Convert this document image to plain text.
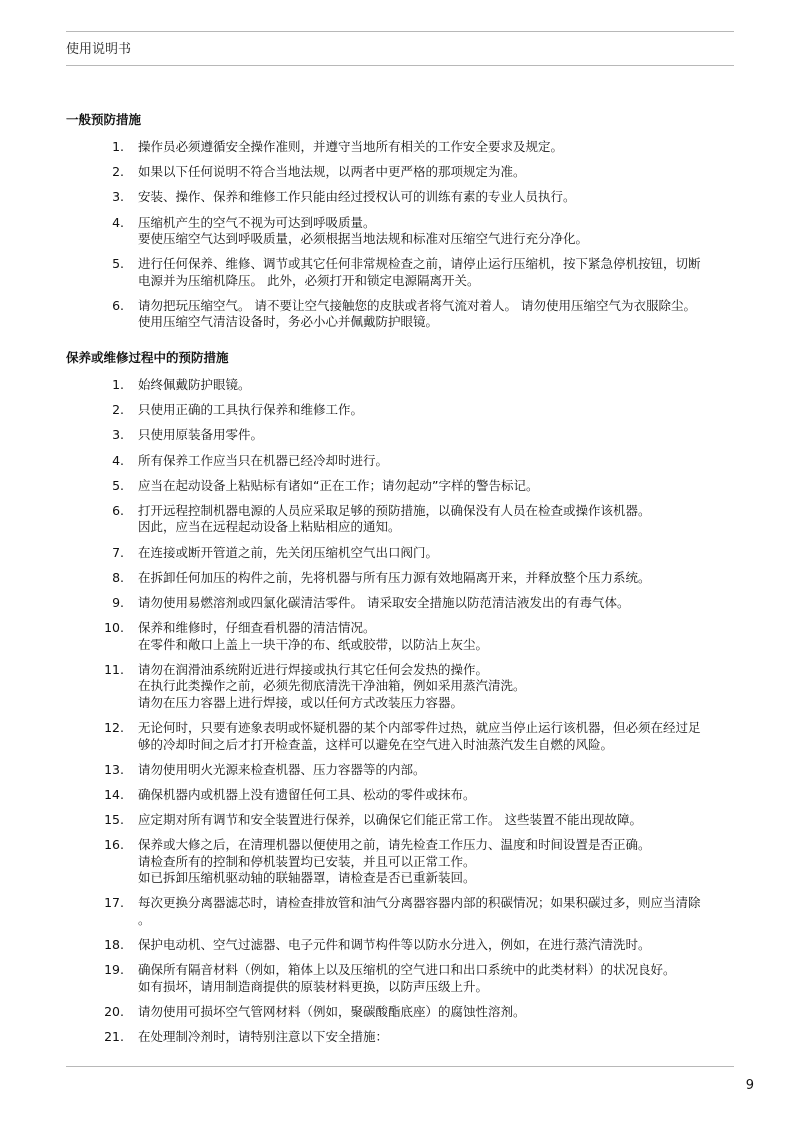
使用说明书
一般预防措施
1.	操作员必须遵循安全操作准则，并遵守当地所有相关的工作安全要求及规定。
2.	如果以下任何说明不符合当地法规，以两者中更严格的那项规定为准。
3.	安装、操作、保养和维修工作只能由经过授权认可的训练有素的专业人员执行。
4.	压缩机产生的空气不视为可达到呼吸质量。
要使压缩空气达到呼吸质量，必须根据当地法规和标准对压缩空气进行充分净化。
5.	进行任何保养、维修、调节或其它任何非常规检查之前，请停止运行压缩机，按下紧急停机按钮，切断
电源并为压缩机降压。 此外，必须打开和锁定电源隔离开关。
6.	请勿把玩压缩空气。 请不要让空气接触您的皮肤或者将气流对着人。 请勿使用压缩空气为衣服除尘。
使用压缩空气清洁设备时，务必小心并佩戴防护眼镜。
保养或维修过程中的预防措施
1.	始终佩戴防护眼镜。
2.	只使用正确的工具执行保养和维修工作。
3.	只使用原装备用零件。
4.	所有保养工作应当只在机器已经冷却时进行。
5.	应当在起动设备上粘贴标有诸如“正在工作；请勿起动”字样的警告标记。
6.	打开远程控制机器电源的人员应采取足够的预防措施，以确保没有人员在检查或操作该机器。
因此，应当在远程起动设备上粘贴相应的通知。
7.	在连接或断开管道之前，先关闭压缩机空气出口阀门。
8.	在拆卸任何加压的构件之前，先将机器与所有压力源有效地隔离开来，并释放整个压力系统。
9.	请勿使用易燃溶剂或四氯化碳清洁零件。 请采取安全措施以防范清洁液发出的有毒气体。
10.	保养和维修时，仔细查看机器的清洁情况。
在零件和敞口上盖上一块干净的布、纸或胶带，以防沾上灰尘。
11.	请勿在润滑油系统附近进行焊接或执行其它任何会发热的操作。
在执行此类操作之前，必须先彻底清洗干净油箱，例如采用蒸汽清洗。
请勿在压力容器上进行焊接，或以任何方式改装压力容器。
12.	无论何时，只要有迹象表明或怀疑机器的某个内部零件过热，就应当停止运行该机器，但必须在经过足
够的冷却时间之后才打开检查盖，这样可以避免在空气进入时油蒸汽发生自燃的风险。
13.	请勿使用明火光源来检查机器、压力容器等的内部。
14.	确保机器内或机器上没有遗留任何工具、松动的零件或抹布。
15.	应定期对所有调节和安全装置进行保养，以确保它们能正常工作。 这些装置不能出现故障。
16.	保养或大修之后，在清理机器以便使用之前，请先检查工作压力、温度和时间设置是否正确。
请检查所有的控制和停机装置均已安装，并且可以正常工作。
如已拆卸压缩机驱动轴的联轴器罩，请检查是否已重新装回。
17.	每次更换分离器滤芯时，请检查排放管和油气分离器容器内部的积碳情况；如果积碳过多，则应当清除
。
18.	保护电动机、空气过滤器、电子元件和调节构件等以防水分进入，例如，在进行蒸汽清洗时。
19.	确保所有隔音材料（例如，箱体上以及压缩机的空气进口和出口系统中的此类材料）的状况良好。
如有损坏，请用制造商提供的原装材料更换，以防声压级上升。
20.	请勿使用可损坏空气管网材料（例如，聚碳酸酯底座）的腐蚀性溶剂。
21.	在处理制冷剂时，请特别注意以下安全措施：
9
